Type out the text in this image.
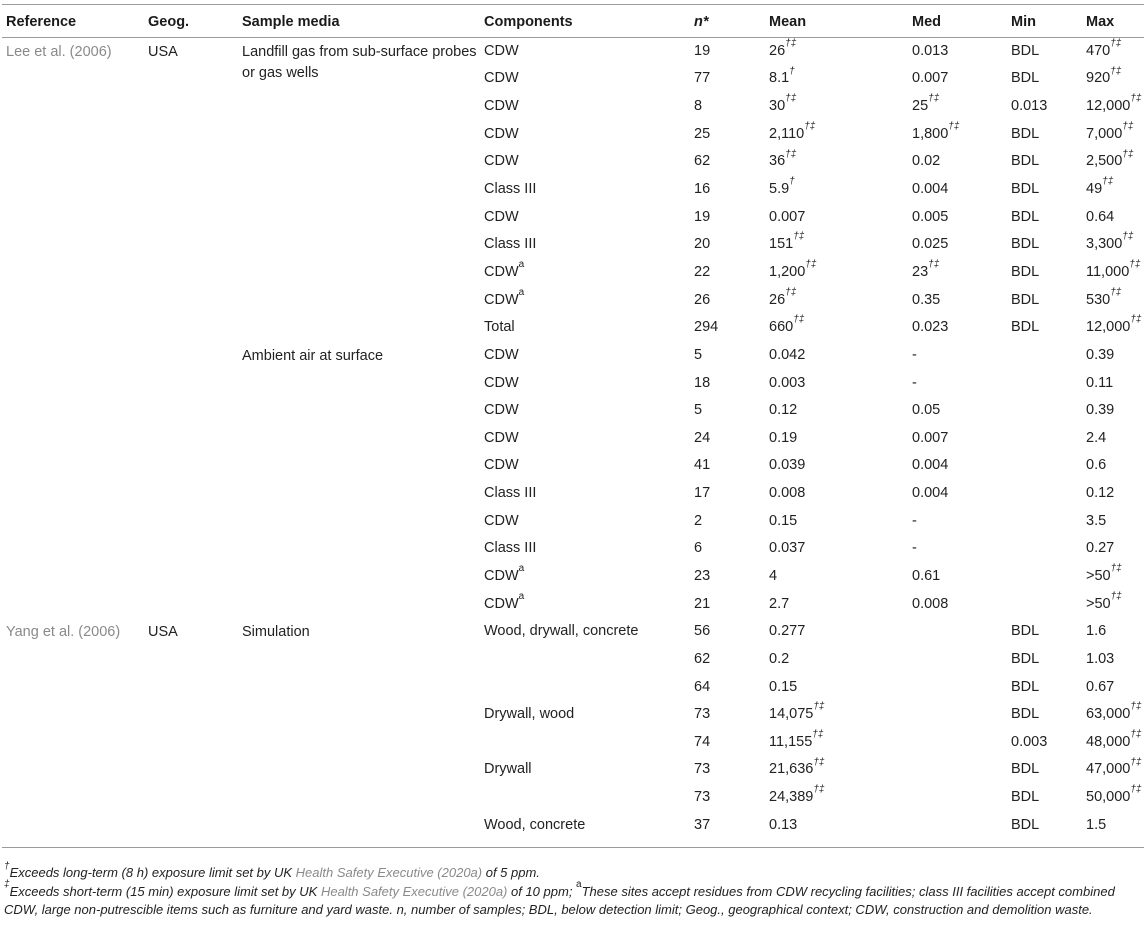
Reference	Geog.	Sample media	Components	n*	Mean	Med	Min	Max
Lee et al. (2006)	USA	Landfill gas from sub-surface probes or gas wells	CDW	19	26†‡	0.013	BDL	470†‡
			CDW	77	8.1†	0.007	BDL	920†‡
			CDW	8	30†‡	25†‡	0.013	12,000†‡
			CDW	25	2,110†‡	1,800†‡	BDL	7,000†‡
			CDW	62	36†‡	0.02	BDL	2,500†‡
			Class III	16	5.9†	0.004	BDL	49†‡
			CDW	19	0.007	0.005	BDL	0.64
			Class III	20	151†‡	0.025	BDL	3,300†‡
			CDW$^a$	22	1,200†‡	23†‡	BDL	11,000†‡
			CDW$^a$	26	26†‡	0.35	BDL	530†‡
			Total	294	660†‡	0.023	BDL	12,000†‡
		Ambient air at surface	CDW	5	0.042	-		0.39
			CDW	18	0.003	-		0.11
			CDW	5	0.12	0.05		0.39
			CDW	24	0.19	0.007		2.4
			CDW	41	0.039	0.004		0.6
			Class III	17	0.008	0.004		0.12
			CDW	2	0.15	-		3.5
			Class III	6	0.037	-		0.27
			CDW$^a$	23	4	0.61		>50†‡
			CDW$^a$	21	2.7	0.008		>50†‡
Yang et al. (2006)	USA	Simulation	Wood, drywall, concrete	56	0.277		BDL	1.6
				62	0.2		BDL	1.03
				64	0.15		BDL	0.67
			Drywall, wood	73	14,075†‡		BDL	63,000†‡
				74	11,155†‡		0.003	48,000†‡
			Drywall	73	21,636†‡		BDL	47,000†‡
				73	24,389†‡		BDL	50,000†‡
			Wood, concrete	37	0.13		BDL	1.5

†Exceeds long-term (8 h) exposure limit set by UK Health Safety Executive (2020a) of 5 ppm.

‡Exceeds short-term (15 min) exposure limit set by UK Health Safety Executive (2020a) of 10 ppm; $^a$These sites accept residues from CDW recycling facilities; class III facilities accept combined CDW, large non-putrescible items such as furniture and yard waste. n, number of samples; BDL, below detection limit; Geog., geographical context; CDW, construction and demolition waste.
